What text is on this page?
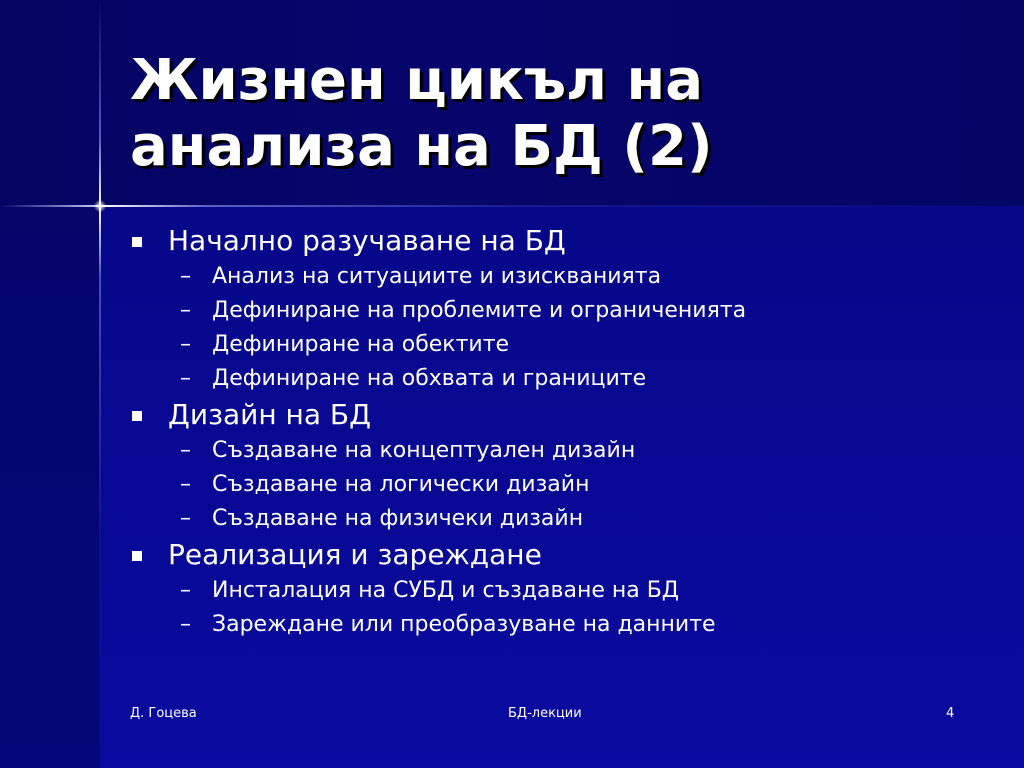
Жизнен цикъл на
анализа на БД (2)
Начално разучаване на БД
– Анализ на ситуациите и изискванията
– Дефиниране на проблемите и ограниченията
– Дефиниране на обектите
– Дефиниране на обхвата и границите
Дизайн на БД
– Създаване на концептуален дизайн
– Създаване на логически дизайн
– Създаване на физичеки дизайн
Реализация и зареждане
– Инсталация на СУБД и създаване на БД
– Зареждане или преобразуване на данните
Д. Гоцева	БД-лекции	4
